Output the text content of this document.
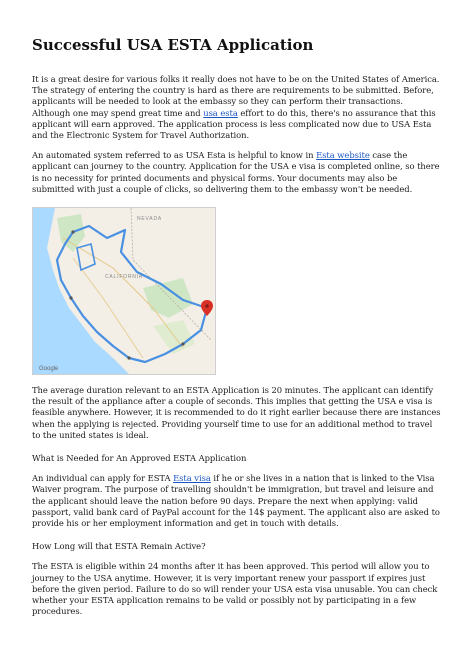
Successful USA ESTA Application

It is a great desire for various folks it really does not have to be on the United States of America. The strategy of entering the country is hard as there are requirements to be submitted. Before, applicants will be needed to look at the embassy so they can perform their transactions. Although one may spend great time and usa esta effort to do this, there's no assurance that this applicant will earn approved. The application process is less complicated now due to USA Esta and the Electronic System for Travel Authorization.

An automated system referred to as USA Esta is helpful to know in Esta website case the applicant can journey to the country. Application for the USA e visa is completed online, so there is no necessity for printed documents and physical forms. Your documents may also be submitted with just a couple of clicks, so delivering them to the embassy won't be needed.

NEVADA
CALIFORNIA
Google

The average duration relevant to an ESTA Application is 20 minutes. The applicant can identify the result of the appliance after a couple of seconds. This implies that getting the USA e visa is feasible anywhere. However, it is recommended to do it right earlier because there are instances when the applying is rejected. Providing yourself time to use for an additional method to travel to the united states is ideal.

What is Needed for An Approved ESTA Application

An individual can apply for ESTA Esta visa if he or she lives in a nation that is linked to the Visa Waiver program. The purpose of travelling shouldn't be immigration, but travel and leisure and the applicant should leave the nation before 90 days. Prepare the next when applying: valid passport, valid bank card of PayPal account for the 14$ payment. The applicant also are asked to provide his or her employment information and get in touch with details.

How Long will that ESTA Remain Active?

The ESTA is eligible within 24 months after it has been approved. This period will allow you to journey to the USA anytime. However, it is very important renew your passport if expires just before the given period. Failure to do so will render your USA esta visa unusable. You can check whether your ESTA application remains to be valid or possibly not by participating in a few procedures.
